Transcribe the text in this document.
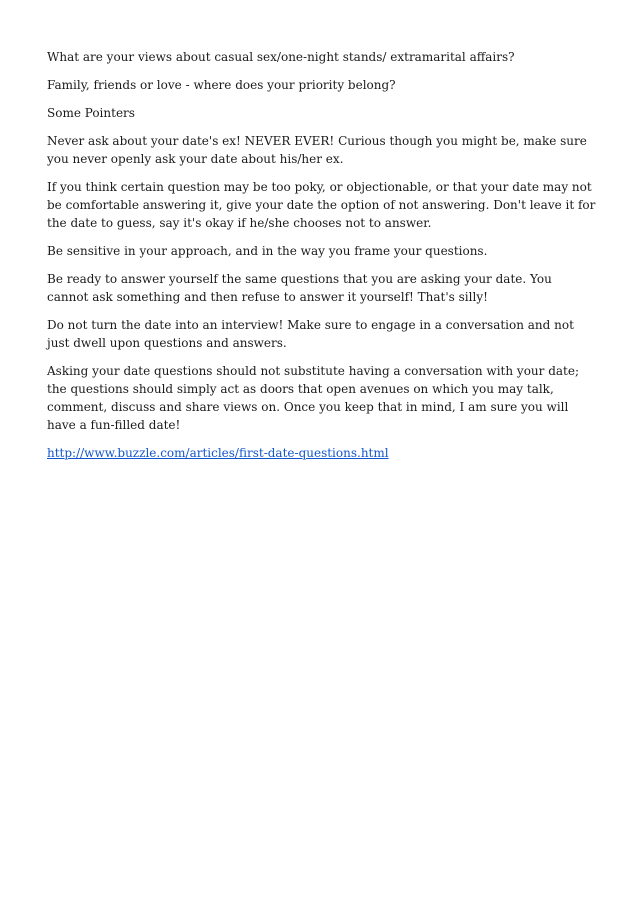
What are your views about casual sex/one-night stands/ extramarital affairs?

Family, friends or love - where does your priority belong?

Some Pointers

Never ask about your date's ex! NEVER EVER! Curious though you might be, make sure you never openly ask your date about his/her ex.

If you think certain question may be too poky, or objectionable, or that your date may not be comfortable answering it, give your date the option of not answering. Don't leave it for the date to guess, say it's okay if he/she chooses not to answer.

Be sensitive in your approach, and in the way you frame your questions.

Be ready to answer yourself the same questions that you are asking your date. You cannot ask something and then refuse to answer it yourself! That's silly!

Do not turn the date into an interview! Make sure to engage in a conversation and not just dwell upon questions and answers.

Asking your date questions should not substitute having a conversation with your date; the questions should simply act as doors that open avenues on which you may talk, comment, discuss and share views on. Once you keep that in mind, I am sure you will have a fun-filled date!

http://www.buzzle.com/articles/first-date-questions.html
